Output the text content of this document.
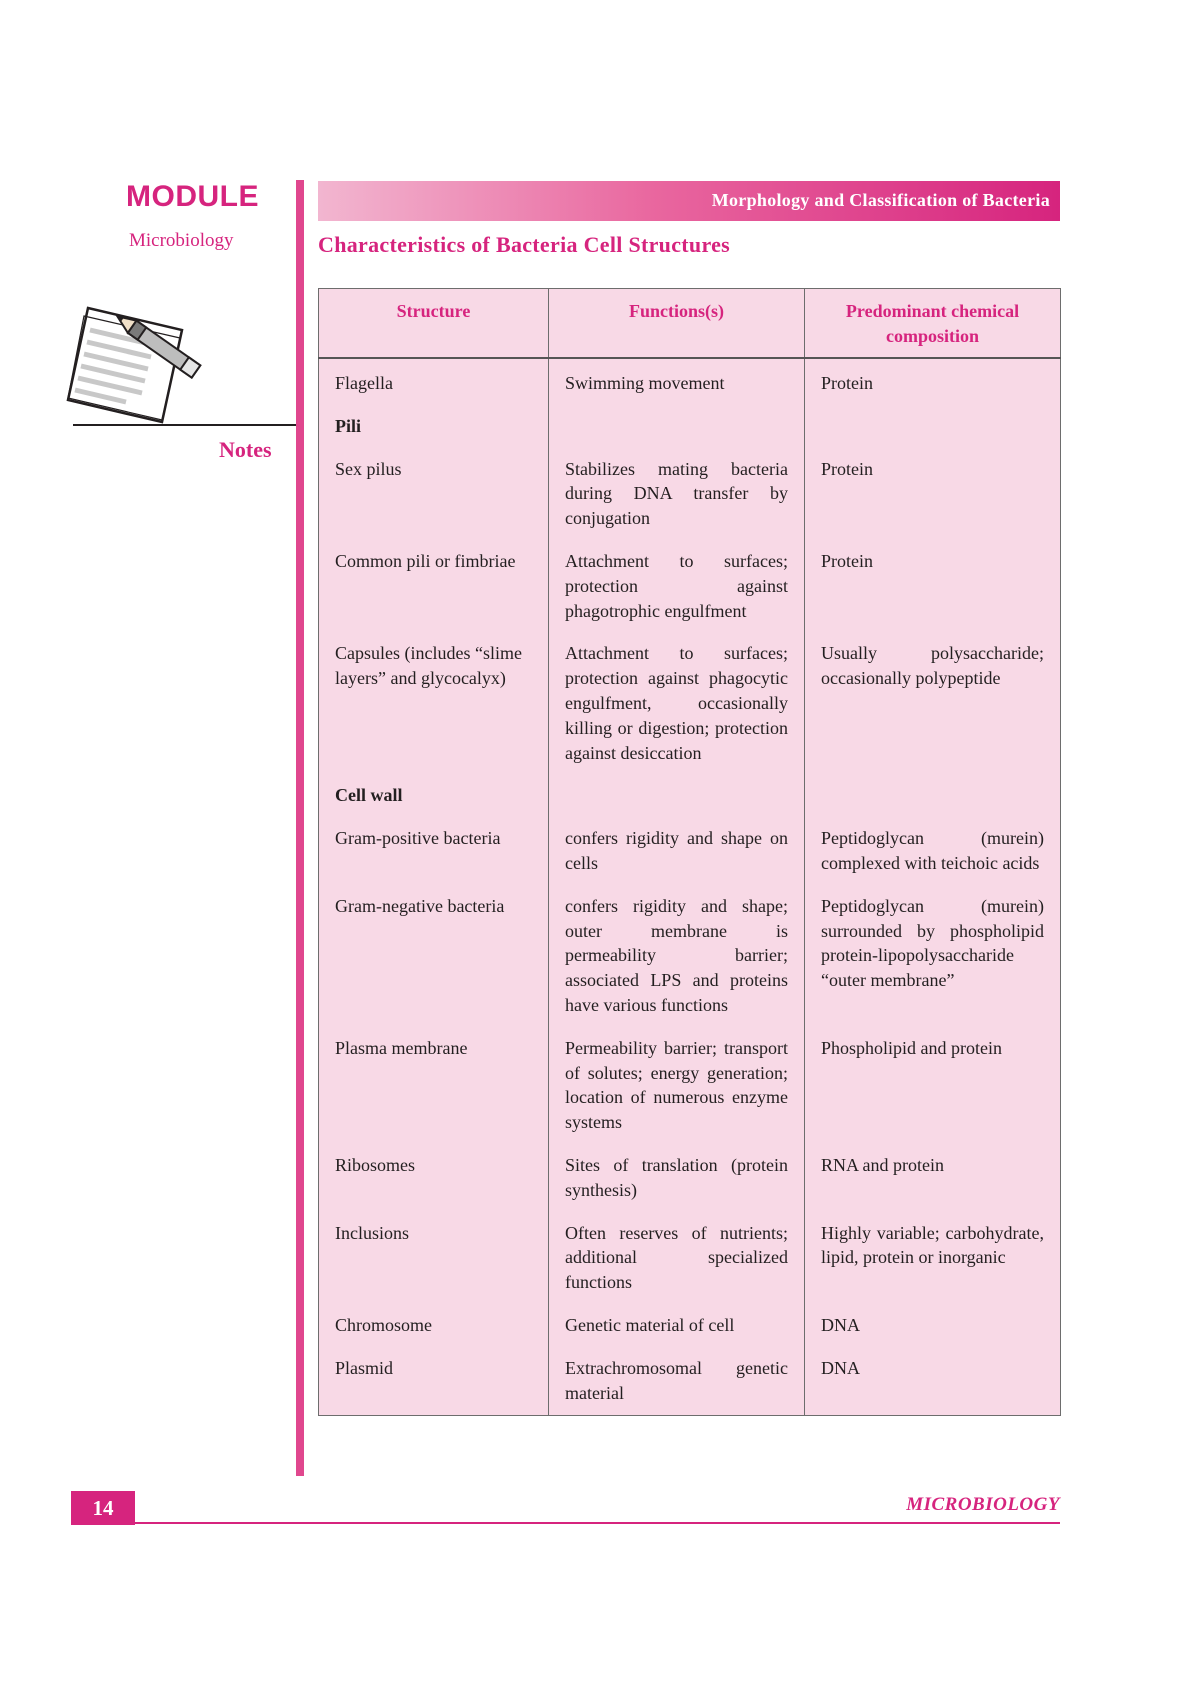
MODULE
Microbiology
Notes
Morphology and Classification of Bacteria
Characteristics of Bacteria Cell Structures
Structure	Functions(s)	Predominant chemical composition
Flagella	Swimming movement	Protein
Pili		
Sex pilus	Stabilizes mating bacteria during DNA transfer by conjugation	Protein
Common pili or fimbriae	Attachment to surfaces; protection against phagotrophic engulfment	Protein
Capsules (includes “slime layers” and glycocalyx)	Attachment to surfaces; protection against phagocytic engulfment, occasionally killing or digestion; protection against desiccation	Usually polysaccharide; occasionally polypeptide
Cell wall		
Gram-positive bacteria	confers rigidity and shape on cells	Peptidoglycan (murein) complexed with teichoic acids
Gram-negative bacteria	confers rigidity and shape; outer membrane is permeability barrier; associated LPS and proteins have various functions	Peptidoglycan (murein) surrounded by phospholipid protein-lipopolysaccharide “outer membrane”
Plasma membrane	Permeability barrier; transport of solutes; energy generation; location of numerous enzyme systems	Phospholipid and protein
Ribosomes	Sites of translation (protein synthesis)	RNA and protein
Inclusions	Often reserves of nutrients; additional specialized functions	Highly variable; carbohydrate, lipid, protein or inorganic
Chromosome	Genetic material of cell	DNA
Plasmid	Extrachromosomal genetic material	DNA
14	MICROBIOLOGY
